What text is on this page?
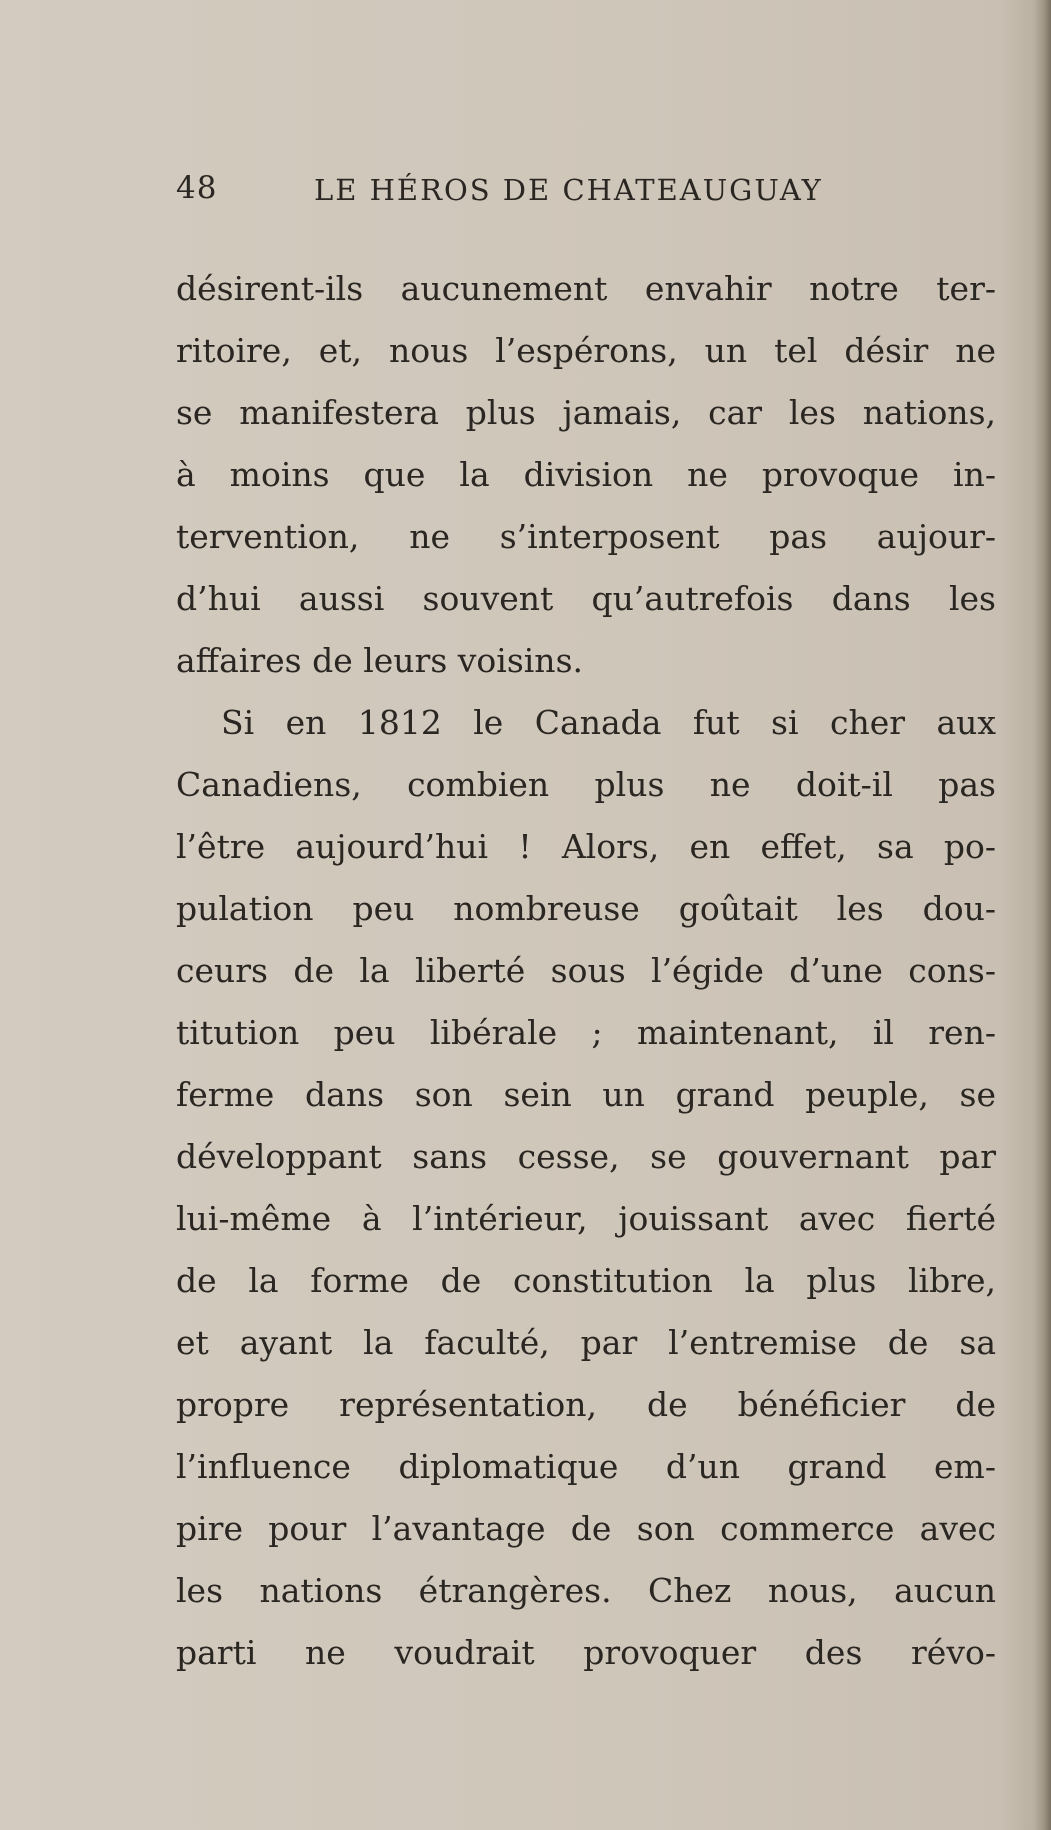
48	LE HÉROS DE CHATEAUGUAY
désirent-ils aucunement envahir notre ter-
ritoire, et, nous l’espérons, un tel désir ne
se manifestera plus jamais, car les nations,
à moins que la division ne provoque in-
tervention, ne s’interposent pas aujour-
d’hui aussi souvent qu’autrefois dans les
affaires de leurs voisins.
Si en 1812 le Canada fut si cher aux
Canadiens, combien plus ne doit-il pas
l’être aujourd’hui ! Alors, en effet, sa po-
pulation peu nombreuse goûtait les dou-
ceurs de la liberté sous l’égide d’une cons-
titution peu libérale ; maintenant, il ren-
ferme dans son sein un grand peuple, se
développant sans cesse, se gouvernant par
lui-même à l’intérieur, jouissant avec fierté
de la forme de constitution la plus libre,
et ayant la faculté, par l’entremise de sa
propre représentation, de bénéficier de
l’influence diplomatique d’un grand em-
pire pour l’avantage de son commerce avec
les nations étrangères. Chez nous, aucun
parti ne voudrait provoquer des révo-
